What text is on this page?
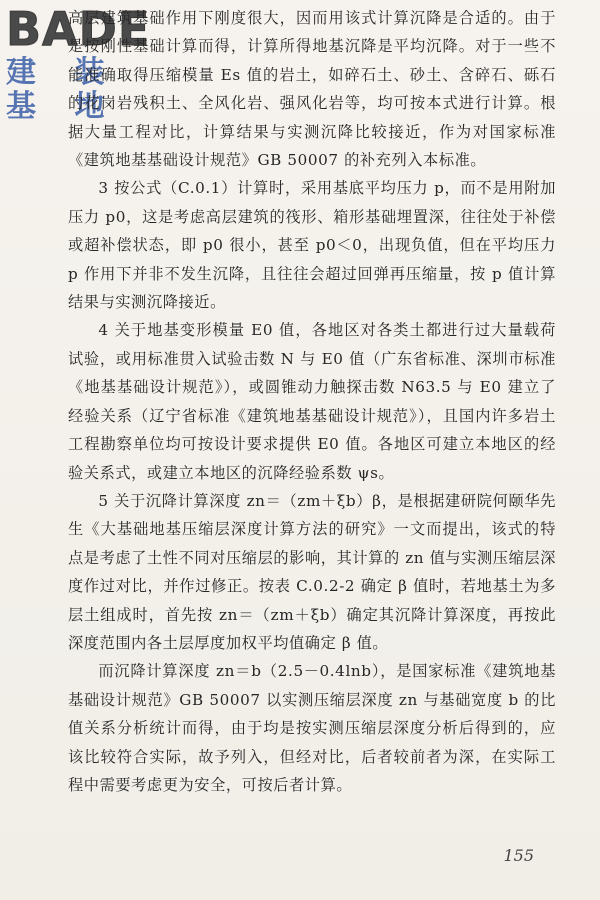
BADE
建 装 基 地

高层建筑基础作用下刚度很大，因而用该式计算沉降是合适的。由于是按刚性基础计算而得，计算所得地基沉降是平均沉降。对于一些不能准确取得压缩模量 Es 值的岩土，如碎石土、砂土、含碎石、砾石的花岗岩残积土、全风化岩、强风化岩等，均可按本式进行计算。根据大量工程对比，计算结果与实测沉降比较接近，作为对国家标准《建筑地基基础设计规范》GB 50007 的补充列入本标准。

3 按公式（C.0.1）计算时，采用基底平均压力 p，而不是用附加压力 p0，这是考虑高层建筑的筏形、箱形基础埋置深，往往处于补偿或超补偿状态，即 p0 很小，甚至 p0＜0，出现负值，但在平均压力 p 作用下并非不发生沉降，且往往会超过回弹再压缩量，按 p 值计算结果与实测沉降接近。

4 关于地基变形模量 E0 值，各地区对各类土都进行过大量载荷试验，或用标准贯入试验击数 N 与 E0 值（广东省标准、深圳市标准《地基基础设计规范》），或圆锥动力触探击数 N63.5 与 E0 建立了经验关系（辽宁省标准《建筑地基基础设计规范》），且国内许多岩土工程勘察单位均可按设计要求提供 E0 值。各地区可建立本地区的经验关系式，或建立本地区的沉降经验系数 ψs。

5 关于沉降计算深度 zn＝（zm＋ξb）β，是根据建研院何颐华先生《大基础地基压缩层深度计算方法的研究》一文而提出，该式的特点是考虑了土性不同对压缩层的影响，其计算的 zn 值与实测压缩层深度作过对比，并作过修正。按表 C.0.2-2 确定 β 值时，若地基土为多层土组成时，首先按 zn＝（zm＋ξb）确定其沉降计算深度，再按此深度范围内各土层厚度加权平均值确定 β 值。

而沉降计算深度 zn＝b（2.5－0.4lnb），是国家标准《建筑地基基础设计规范》GB 50007 以实测压缩层深度 zn 与基础宽度 b 的比值关系分析统计而得，由于均是按实测压缩层深度分析后得到的，应该比较符合实际，故予列入，但经对比，后者较前者为深，在实际工程中需要考虑更为安全，可按后者计算。

155
